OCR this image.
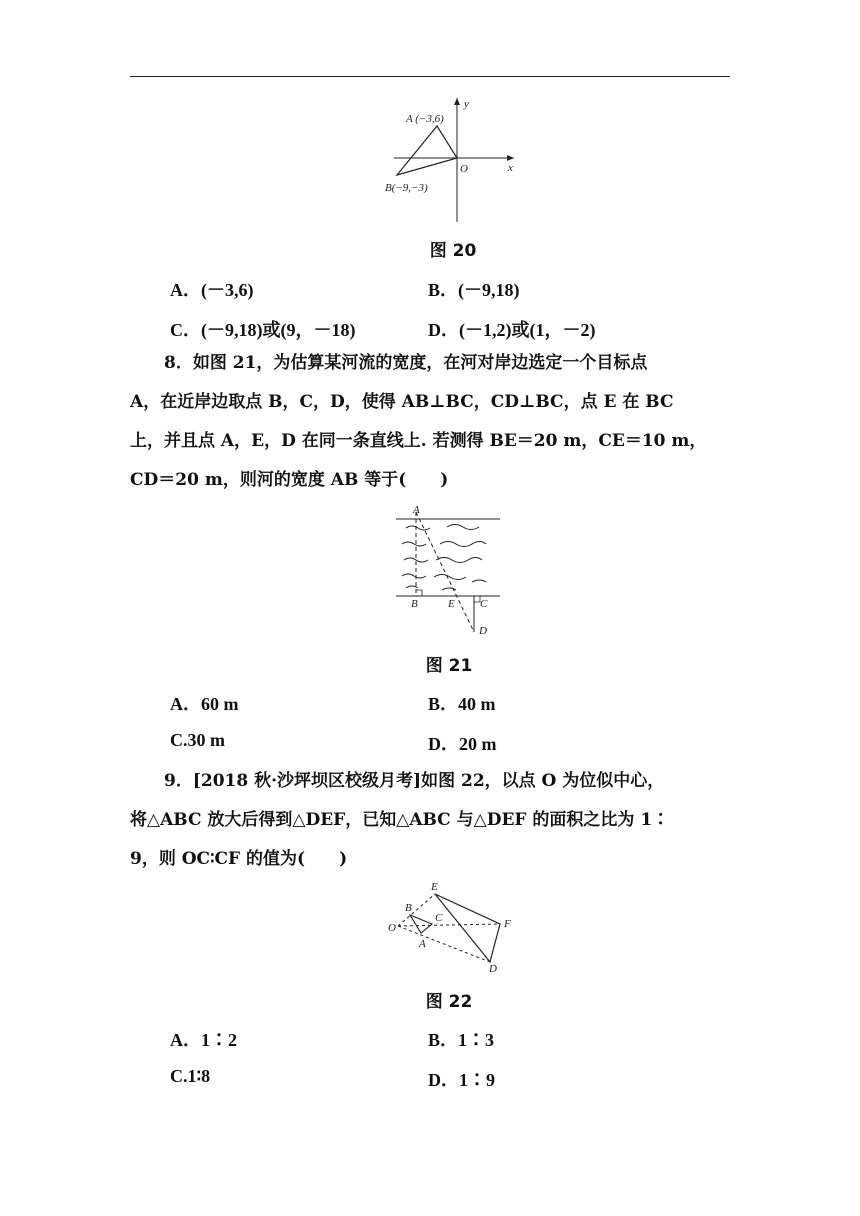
y
x
O
A (−3,6)
B(−9,−3)
图 20
A．(－3,6)	B．(－9,18)
C．(－9,18)或(9，－18)	D．(－1,2)或(1，－2)
8．如图 21，为估算某河流的宽度，在河对岸边选定一个目标点
A，在近岸边取点 B，C，D，使得 AB⊥BC，CD⊥BC，点 E 在 BC
上，并且点 A，E，D 在同一条直线上. 若测得 BE＝20 m，CE＝10 m，
CD＝20 m，则河的宽度 AB 等于(　　)
A
B	E C
D
图 21
A．60 m	B．40 m
C.30 m	D．20 m
9．[2018 秋·沙坪坝区校级月考]如图 22，以点 O 为位似中心，
将△ABC 放大后得到△DEF，已知△ABC 与△DEF 的面积之比为 1∶
9，则 OC∶CF 的值为(　　)
O
B
C
A
E
F
D
图 22
A．1∶2	B．1∶3
C.1∶8	D．1∶9
